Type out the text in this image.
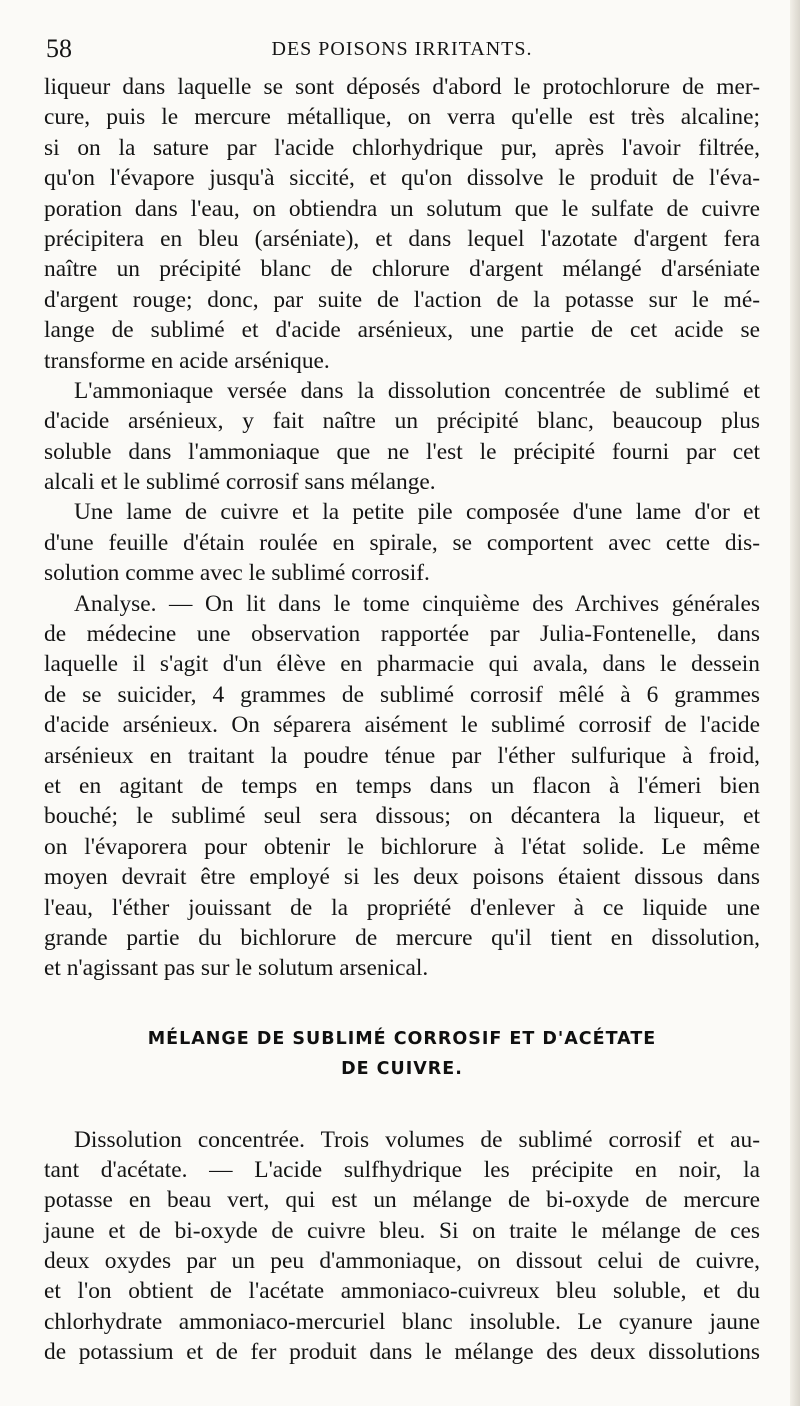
58	DES POISONS IRRITANTS.
liqueur dans laquelle se sont déposés d'abord le protochlorure de mer-
cure, puis le mercure métallique, on verra qu'elle est très alcaline;
si on la sature par l'acide chlorhydrique pur, après l'avoir filtrée,
qu'on l'évapore jusqu'à siccité, et qu'on dissolve le produit de l'éva-
poration dans l'eau, on obtiendra un solutum que le sulfate de cuivre
précipitera en bleu (arséniate), et dans lequel l'azotate d'argent fera
naître un précipité blanc de chlorure d'argent mélangé d'arséniate
d'argent rouge; donc, par suite de l'action de la potasse sur le mé-
lange de sublimé et d'acide arsénieux, une partie de cet acide se
transforme en acide arsénique.
L'ammoniaque versée dans la dissolution concentrée de sublimé et
d'acide arsénieux, y fait naître un précipité blanc, beaucoup plus
soluble dans l'ammoniaque que ne l'est le précipité fourni par cet
alcali et le sublimé corrosif sans mélange.
Une lame de cuivre et la petite pile composée d'une lame d'or et
d'une feuille d'étain roulée en spirale, se comportent avec cette dis-
solution comme avec le sublimé corrosif.
Analyse. — On lit dans le tome cinquième des Archives générales
de médecine une observation rapportée par Julia-Fontenelle, dans
laquelle il s'agit d'un élève en pharmacie qui avala, dans le dessein
de se suicider, 4 grammes de sublimé corrosif mêlé à 6 grammes
d'acide arsénieux. On séparera aisément le sublimé corrosif de l'acide
arsénieux en traitant la poudre ténue par l'éther sulfurique à froid,
et en agitant de temps en temps dans un flacon à l'émeri bien
bouché; le sublimé seul sera dissous; on décantera la liqueur, et
on l'évaporera pour obtenir le bichlorure à l'état solide. Le même
moyen devrait être employé si les deux poisons étaient dissous dans
l'eau, l'éther jouissant de la propriété d'enlever à ce liquide une
grande partie du bichlorure de mercure qu'il tient en dissolution,
et n'agissant pas sur le solutum arsenical.
MÉLANGE DE SUBLIMÉ CORROSIF ET D'ACÉTATE
DE CUIVRE.
Dissolution concentrée. Trois volumes de sublimé corrosif et au-
tant d'acétate. — L'acide sulfhydrique les précipite en noir, la
potasse en beau vert, qui est un mélange de bi-oxyde de mercure
jaune et de bi-oxyde de cuivre bleu. Si on traite le mélange de ces
deux oxydes par un peu d'ammoniaque, on dissout celui de cuivre,
et l'on obtient de l'acétate ammoniaco-cuivreux bleu soluble, et du
chlorhydrate ammoniaco-mercuriel blanc insoluble. Le cyanure jaune
de potassium et de fer produit dans le mélange des deux dissolutions
